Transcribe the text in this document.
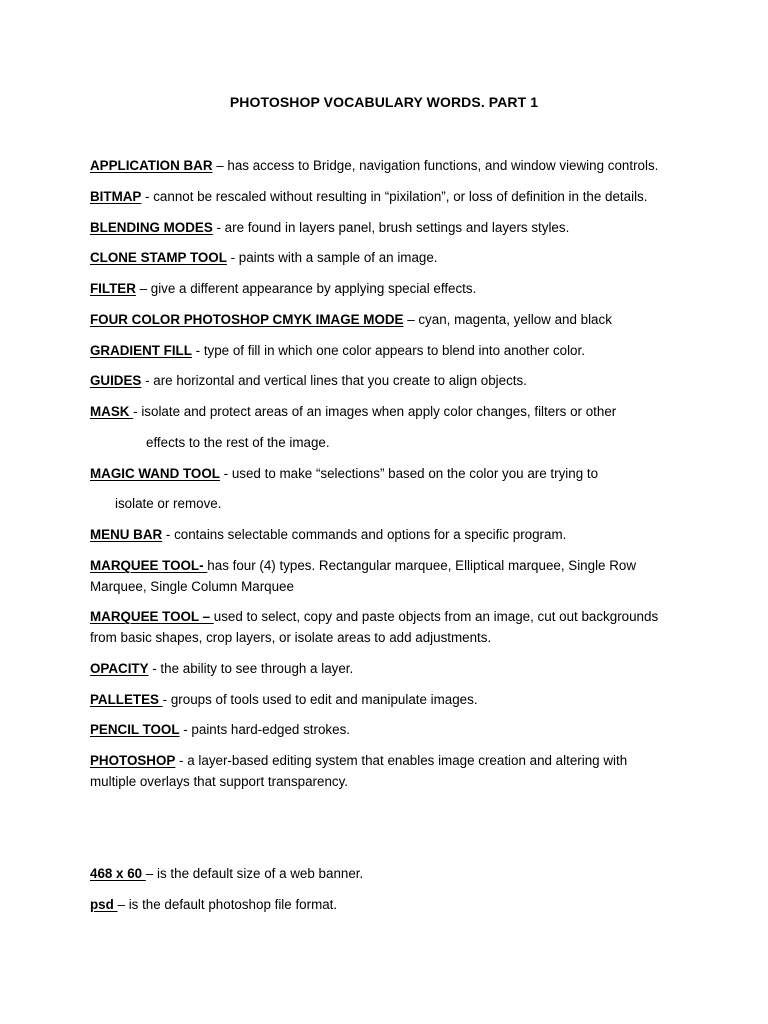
PHOTOSHOP VOCABULARY WORDS. PART 1
APPLICATION BAR – has access to Bridge, navigation functions, and window viewing controls.
BITMAP - cannot be rescaled without resulting in “pixilation”, or loss of definition in the details.
BLENDING MODES - are found in layers panel, brush settings and layers styles.
CLONE STAMP TOOL - paints with a sample of an image.
FILTER – give a different appearance by applying special effects.
FOUR COLOR PHOTOSHOP CMYK IMAGE MODE – cyan, magenta, yellow and black
GRADIENT FILL - type of fill in which one color appears to blend into another color.
GUIDES - are horizontal and vertical lines that you create to align objects.
MASK - isolate and protect areas of an images when apply color changes, filters or other
effects to the rest of the image.
MAGIC WAND TOOL - used to make “selections” based on the color you are trying to
isolate or remove.
MENU BAR - contains selectable commands and options for a specific program.
MARQUEE TOOL- has four (4) types. Rectangular marquee, Elliptical marquee, Single Row
Marquee, Single Column Marquee
MARQUEE TOOL – used to select, copy and paste objects from an image, cut out backgrounds
from basic shapes, crop layers, or isolate areas to add adjustments.
OPACITY - the ability to see through a layer.
PALLETES - groups of tools used to edit and manipulate images.
PENCIL TOOL - paints hard-edged strokes.
PHOTOSHOP - a layer-based editing system that enables image creation and altering with
multiple overlays that support transparency.
468 x 60 – is the default size of a web banner.
psd – is the default photoshop file format.
